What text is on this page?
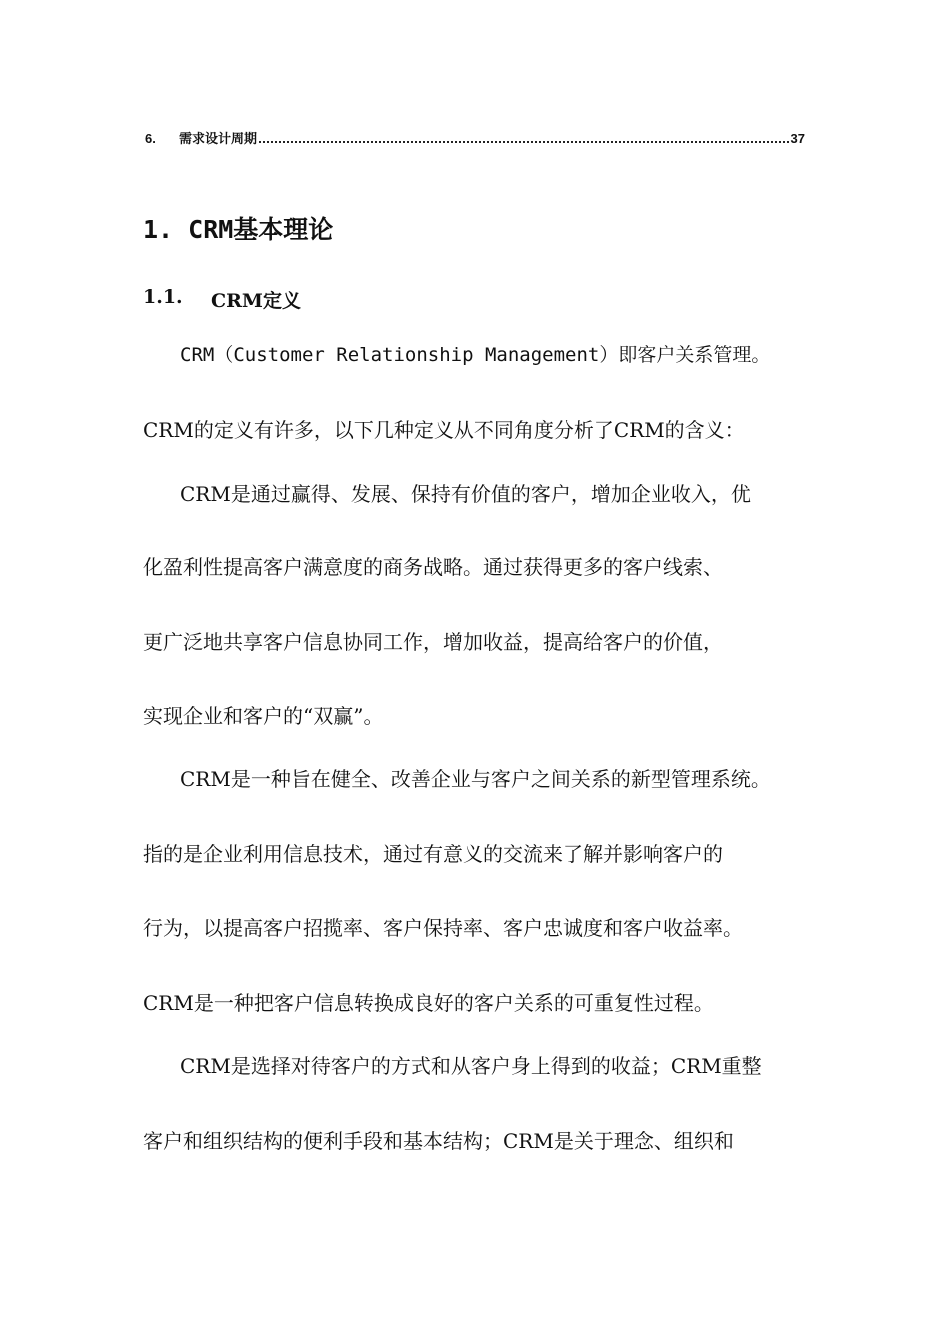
6.	需求设计周期	37
1. CRM基本理论
1.1.	CRM定义
CRM（Customer Relationship Management）即客户关系管理。
CRM的定义有许多，以下几种定义从不同角度分析了CRM的含义：
CRM是通过赢得、发展、保持有价值的客户，增加企业收入，优
化盈利性提高客户满意度的商务战略。通过获得更多的客户线索、
更广泛地共享客户信息协同工作，增加收益，提高给客户的价值，
实现企业和客户的“双赢”。
CRM是一种旨在健全、改善企业与客户之间关系的新型管理系统。
指的是企业利用信息技术，通过有意义的交流来了解并影响客户的
行为，以提高客户招揽率、客户保持率、客户忠诚度和客户收益率。
CRM是一种把客户信息转换成良好的客户关系的可重复性过程。
CRM是选择对待客户的方式和从客户身上得到的收益；CRM重整
客户和组织结构的便利手段和基本结构；CRM是关于理念、组织和
